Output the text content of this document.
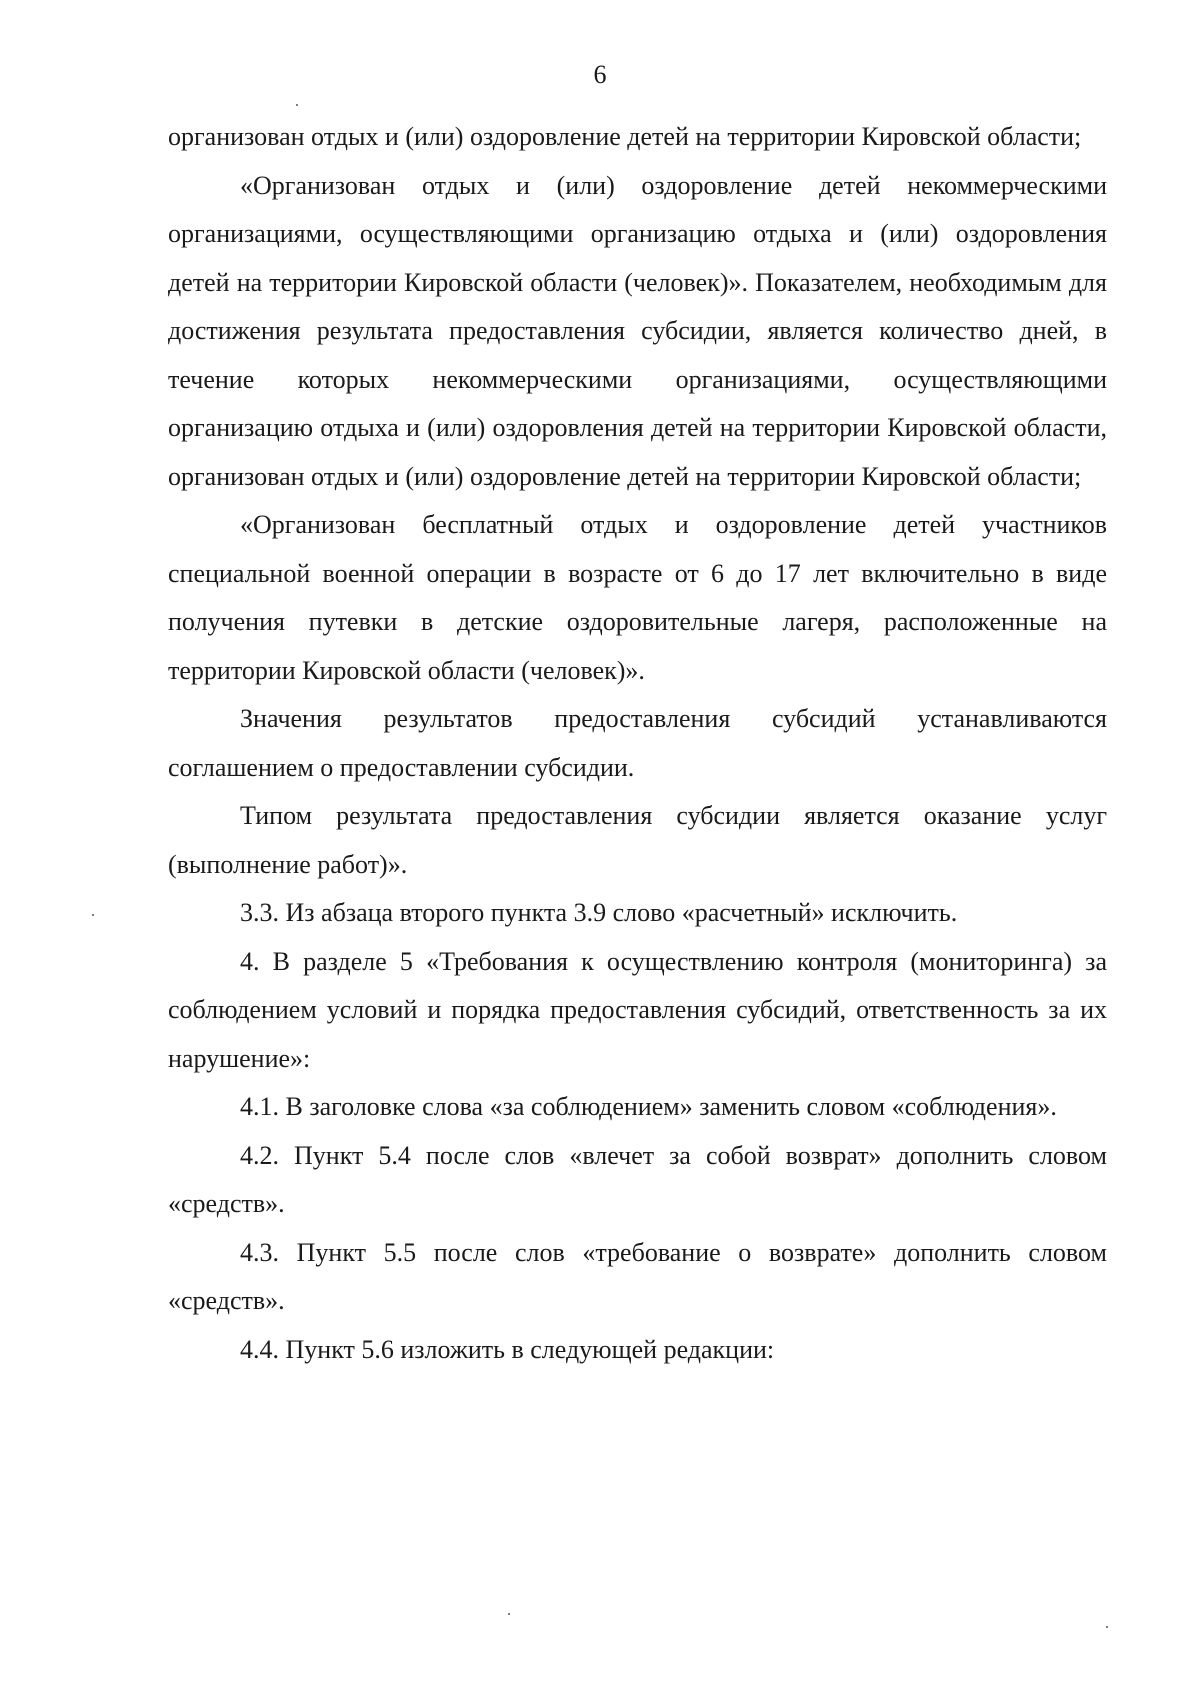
6

организован отдых и (или) оздоровление детей на территории Кировской области;

«Организован отдых и (или) оздоровление детей некоммерческими организациями, осуществляющими организацию отдыха и (или) оздоровления детей на территории Кировской области (человек)». Показателем, необходимым для достижения результата предоставления субсидии, является количество дней, в течение которых некоммерческими организациями, осуществляющими организацию отдыха и (или) оздоровления детей на территории Кировской области, организован отдых и (или) оздоровление детей на территории Кировской области;

«Организован бесплатный отдых и оздоровление детей участников специальной военной операции в возрасте от 6 до 17 лет включительно в виде получения путевки в детские оздоровительные лагеря, расположенные на территории Кировской области (человек)».

Значения результатов предоставления субсидий устанавливаются соглашением о предоставлении субсидии.

Типом результата предоставления субсидии является оказание услуг (выполнение работ)».

3.3. Из абзаца второго пункта 3.9 слово «расчетный» исключить.

4. В разделе 5 «Требования к осуществлению контроля (мониторинга) за соблюдением условий и порядка предоставления субсидий, ответственность за их нарушение»:

4.1. В заголовке слова «за соблюдением» заменить словом «соблюдения».

4.2. Пункт 5.4 после слов «влечет за собой возврат» дополнить словом «средств».

4.3. Пункт 5.5 после слов «требование о возврате» дополнить словом «средств».

4.4. Пункт 5.6 изложить в следующей редакции:
